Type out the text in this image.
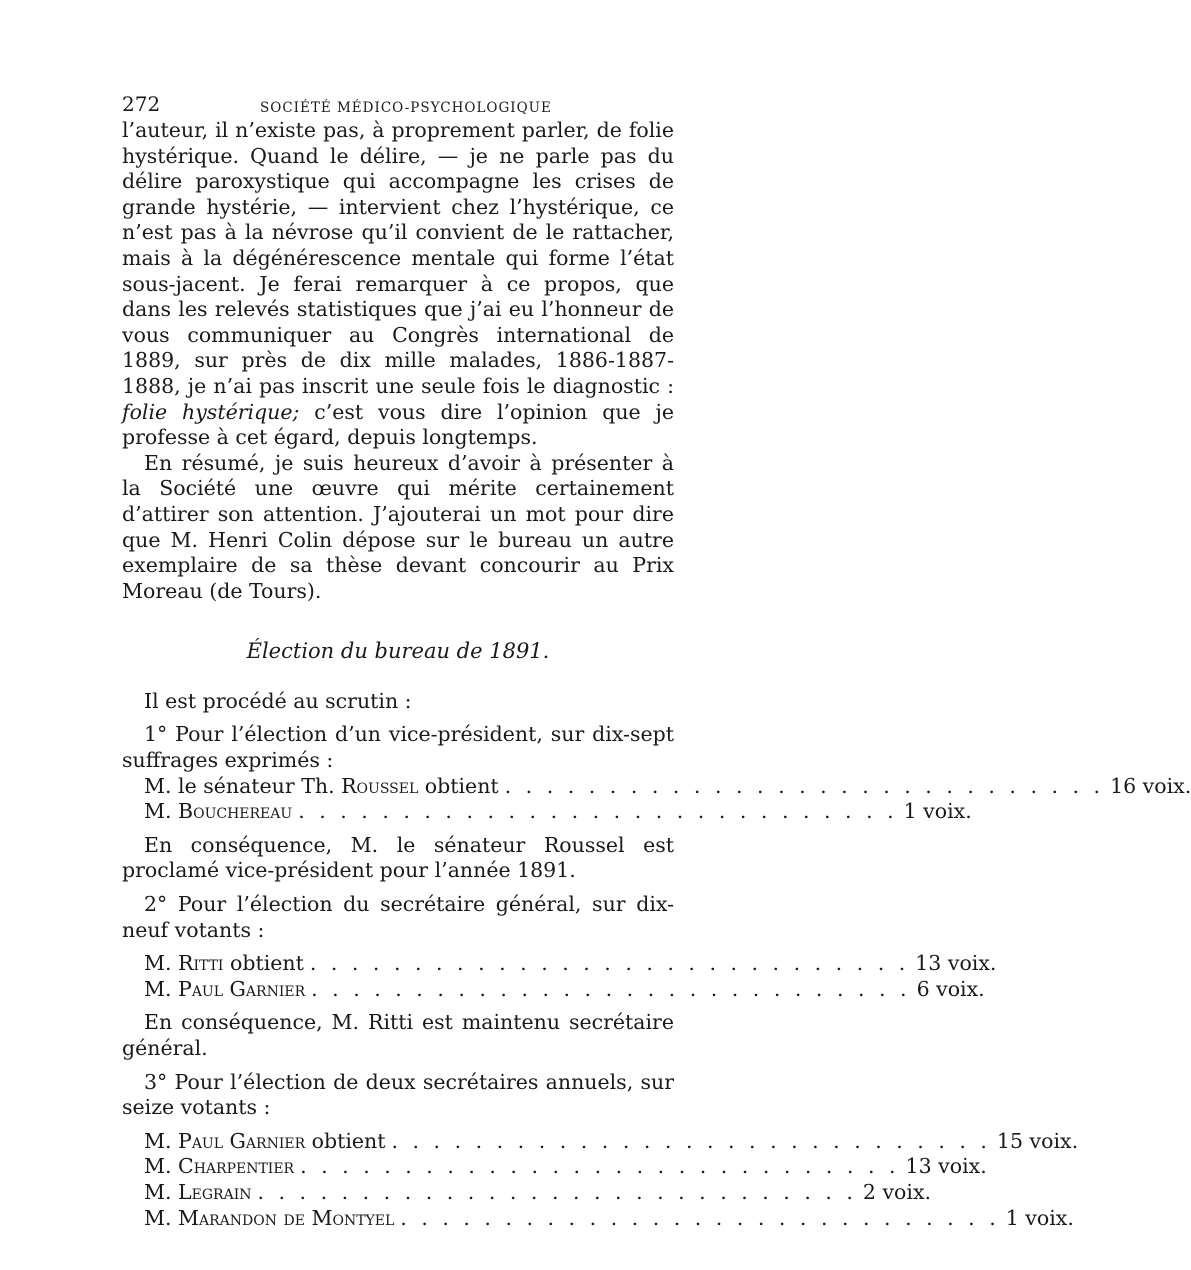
272	SOCIÉTÉ MÉDICO-PSYCHOLOGIQUE

l’auteur, il n’existe pas, à proprement parler, de folie hystérique. Quand le délire, — je ne parle pas du délire paroxystique qui accompagne les crises de grande hystérie, — intervient chez l’hystérique, ce n’est pas à la névrose qu’il convient de le rattacher, mais à la dégénérescence mentale qui forme l’état sous-jacent. Je ferai remarquer à ce propos, que dans les relevés statistiques que j’ai eu l’honneur de vous communiquer au Congrès international de 1889, sur près de dix mille malades, 1886-1887-1888, je n’ai pas inscrit une seule fois le diagnostic : folie hystérique; c’est vous dire l’opinion que je professe à cet égard, depuis longtemps.

En résumé, je suis heureux d’avoir à présenter à la Société une œuvre qui mérite certainement d’attirer son attention. J’ajouterai un mot pour dire que M. Henri Colin dépose sur le bureau un autre exemplaire de sa thèse devant concourir au Prix Moreau (de Tours).

Élection du bureau de 1891.

Il est procédé au scrutin :

1° Pour l’élection d’un vice-président, sur dix-sept suffrages exprimés :

M. le sénateur Th. Roussel obtient . . . . . . . . . . . . . . . . . . . . . . . . . . . . . 16 voix.
M. Bouchereau . . . . . . . . . . . . . . . . . . . . . . . . . . . . . 1 voix.

En conséquence, M. le sénateur Roussel est proclamé vice-président pour l’année 1891.

2° Pour l’élection du secrétaire général, sur dix-neuf votants :

M. Ritti obtient . . . . . . . . . . . . . . . . . . . . . . . . . . . . . 13 voix.
M. Paul Garnier . . . . . . . . . . . . . . . . . . . . . . . . . . . . . 6 voix.

En conséquence, M. Ritti est maintenu secrétaire général.

3° Pour l’élection de deux secrétaires annuels, sur seize votants :

M. Paul Garnier obtient . . . . . . . . . . . . . . . . . . . . . . . . . . . . . 15 voix.
M. Charpentier . . . . . . . . . . . . . . . . . . . . . . . . . . . . . 13 voix.
M. Legrain . . . . . . . . . . . . . . . . . . . . . . . . . . . . . 2 voix.
M. Marandon de Montyel . . . . . . . . . . . . . . . . . . . . . . . . . . . . . 1 voix.
